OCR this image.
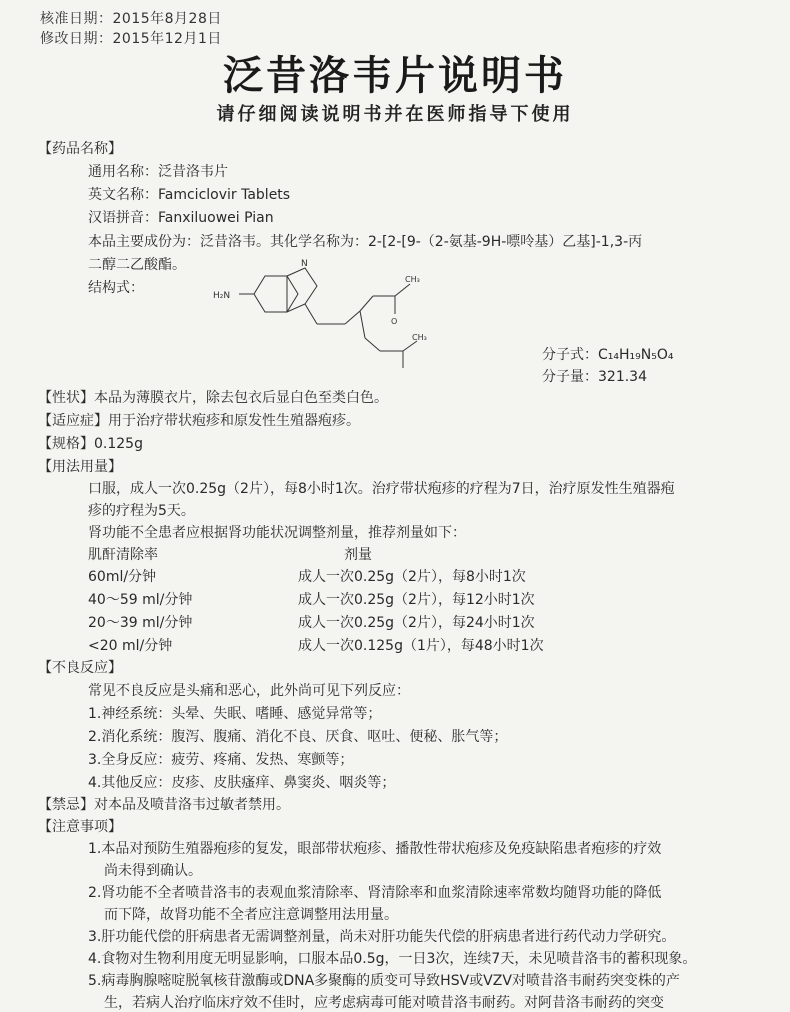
核准日期：2015年8月28日
修改日期：2015年12月1日
泛昔洛韦片说明书
请仔细阅读说明书并在医师指导下使用
【药品名称】
通用名称：泛昔洛韦片
英文名称：Famciclovir Tablets
汉语拼音：Fanxiluowei Pian
本品主要成份为：泛昔洛韦。其化学名称为：2-[2-[9-（2-氨基-9H-嘌呤基）乙基]-1,3-丙
二醇二乙酸酯。
结构式：	H₂N
N
CH₃
O
CH₃
分子式：C₁₄H₁₉N₅O₄
分子量：321.34
【性状】本品为薄膜衣片，除去包衣后显白色至类白色。
【适应症】用于治疗带状疱疹和原发性生殖器疱疹。
【规格】0.125g
【用法用量】
口服，成人一次0.25g（2片），每8小时1次。治疗带状疱疹的疗程为7日，治疗原发性生殖器疱
疹的疗程为5天。
肾功能不全患者应根据肾功能状况调整剂量，推荐剂量如下：
肌酐清除率	剂量
60ml/分钟	成人一次0.25g（2片），每8小时1次
40～59 ml/分钟	成人一次0.25g（2片），每12小时1次
20～39 ml/分钟	成人一次0.25g（2片），每24小时1次
<20 ml/分钟	成人一次0.125g（1片），每48小时1次
【不良反应】
常见不良反应是头痛和恶心，此外尚可见下列反应：
1.神经系统：头晕、失眠、嗜睡、感觉异常等；
2.消化系统：腹泻、腹痛、消化不良、厌食、呕吐、便秘、胀气等；
3.全身反应：疲劳、疼痛、发热、寒颤等；
4.其他反应：皮疹、皮肤瘙痒、鼻窦炎、咽炎等；
【禁忌】对本品及喷昔洛韦过敏者禁用。
【注意事项】
1.本品对预防生殖器疱疹的复发，眼部带状疱疹、播散性带状疱疹及免疫缺陷患者疱疹的疗效
尚未得到确认。
2.肾功能不全者喷昔洛韦的表观血浆清除率、肾清除率和血浆清除速率常数均随肾功能的降低
而下降，故肾功能不全者应注意调整用法用量。
3.肝功能代偿的肝病患者无需调整剂量，尚未对肝功能失代偿的肝病患者进行药代动力学研究。
4.食物对生物利用度无明显影响，口服本品0.5g，一日3次，连续7天，未见喷昔洛韦的蓄积现象。
5.病毒胸腺嘧啶脱氧核苷激酶或DNA多聚酶的质变可导致HSV或VZV对喷昔洛韦耐药突变株的产
生，若病人治疗临床疗效不佳时，应考虑病毒可能对喷昔洛韦耐药。对阿昔洛韦耐药的突变
